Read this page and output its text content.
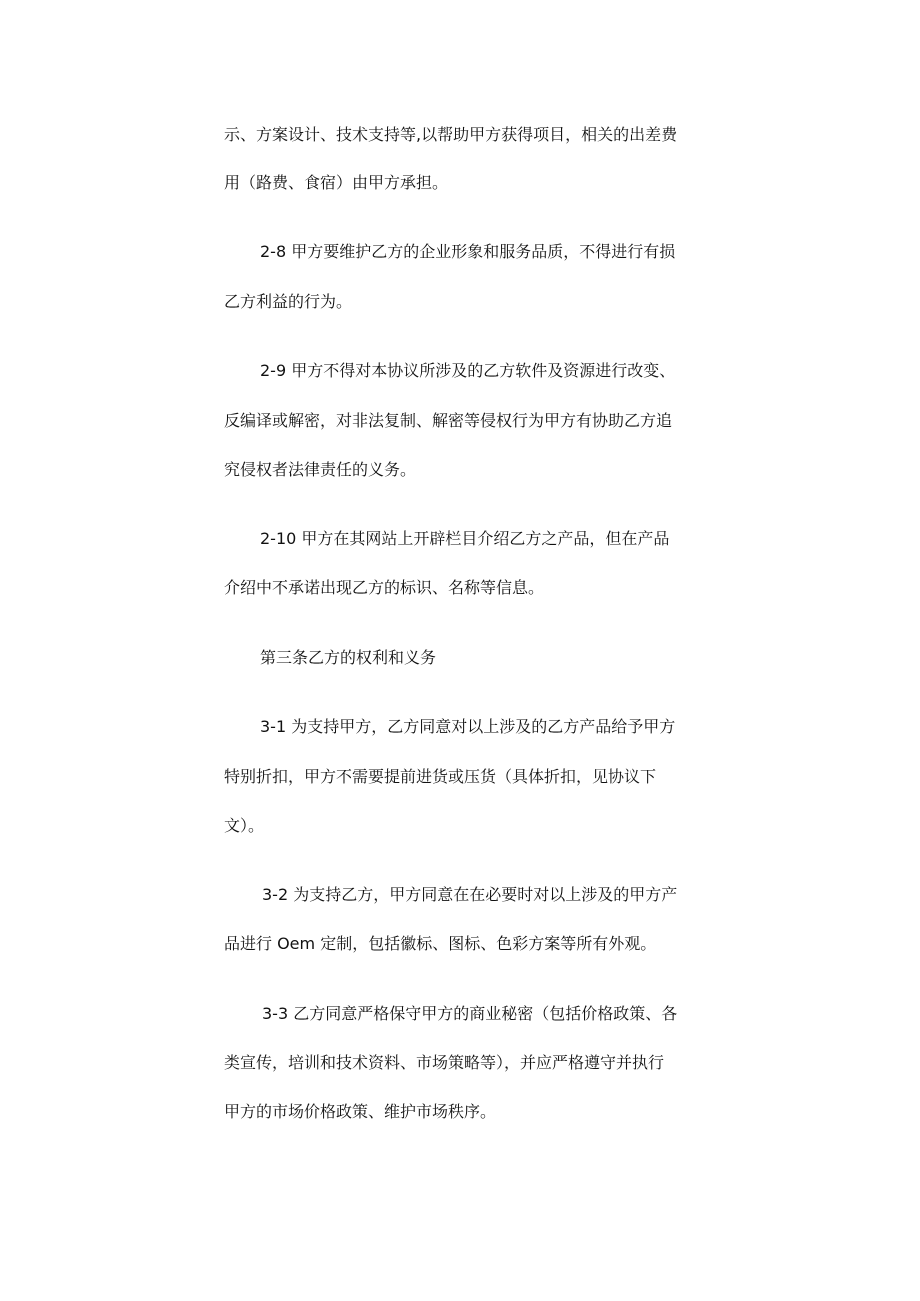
示、方案设计、技术支持等,以帮助甲方获得项目，相关的出差费
用（路费、食宿）由甲方承担。
2-8 甲方要维护乙方的企业形象和服务品质，不得进行有损
乙方利益的行为。
2-9 甲方不得对本协议所涉及的乙方软件及资源进行改变、
反编译或解密，对非法复制、解密等侵权行为甲方有协助乙方追
究侵权者法律责任的义务。
2-10 甲方在其网站上开辟栏目介绍乙方之产品，但在产品
介绍中不承诺出现乙方的标识、名称等信息。
第三条乙方的权利和义务
3-1 为支持甲方，乙方同意对以上涉及的乙方产品给予甲方
特别折扣，甲方不需要提前进货或压货（具体折扣，见协议下
文）。
3-2 为支持乙方，甲方同意在在必要时对以上涉及的甲方产
品进行 Oem 定制，包括徽标、图标、色彩方案等所有外观。
3-3 乙方同意严格保守甲方的商业秘密（包括价格政策、各
类宣传，培训和技术资料、市场策略等），并应严格遵守并执行
甲方的市场价格政策、维护市场秩序。
